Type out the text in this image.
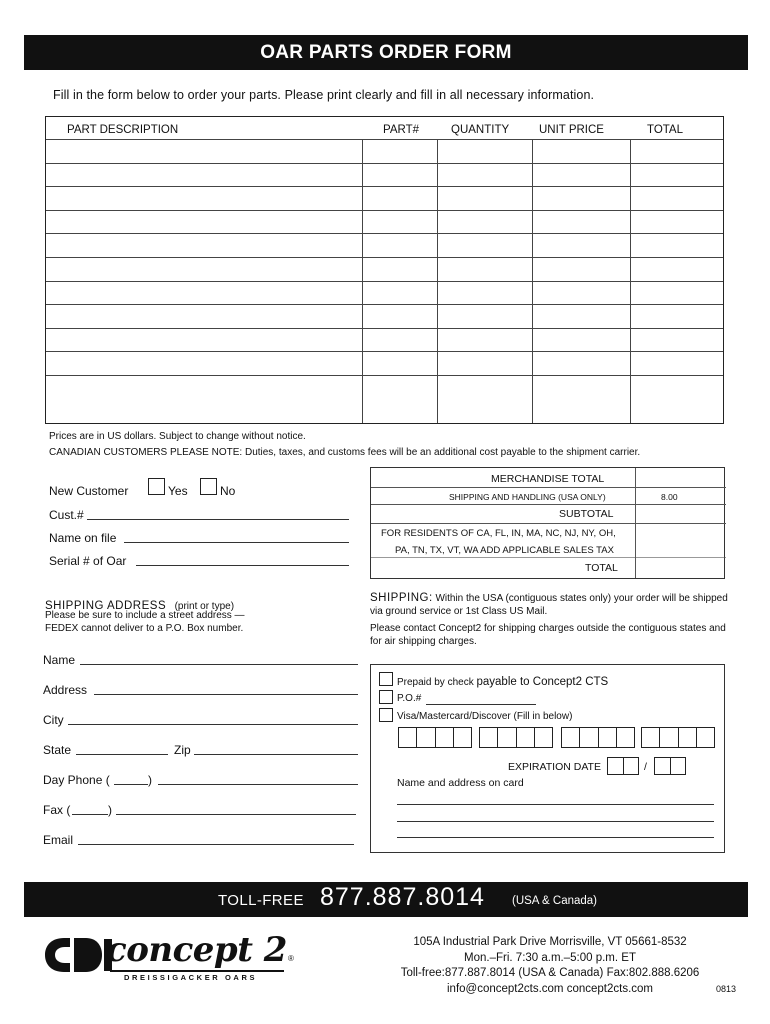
OAR PARTS ORDER FORM
Fill in the form below to order your parts. Please print clearly and fill in all necessary information.
PART DESCRIPTION	PART#	QUANTITY	UNIT PRICE	TOTAL
Prices are in US dollars. Subject to change without notice.
CANADIAN CUSTOMERS PLEASE NOTE: Duties, taxes, and customs fees will be an additional cost payable to the shipment carrier.
New Customer	Yes	No
Cust.#
Name on file
Serial # of Oar
MERCHANDISE TOTAL
SHIPPING AND HANDLING (USA ONLY)	8.00
SUBTOTAL
FOR RESIDENTS OF CA, FL, IN, MA, NC, NJ, NY, OH,
PA, TN, TX, VT, WA ADD APPLICABLE SALES TAX
TOTAL
SHIPPING ADDRESS (print or type)
Please be sure to include a street address —
FEDEX cannot deliver to a P.O. Box number.
Name
Address
City
State	Zip
Day Phone (	)
Fax (	)
Email
SHIPPING: Within the USA (contiguous states only) your order will be shipped via ground service or 1st Class US Mail.
Please contact Concept2 for shipping charges outside the contiguous states and for air shipping charges.
Prepaid by check payable to Concept2 CTS
P.O.#
Visa/Mastercard/Discover (Fill in below)
EXPIRATION DATE	/
Name and address on card
TOLL-FREE 877.887.8014 (USA & Canada)
concept 2 ®
DREISSIGACKER OARS
105A Industrial Park Drive Morrisville, VT 05661-8532
Mon.–Fri. 7:30 a.m.–5:00 p.m. ET
Toll-free:877.887.8014 (USA & Canada) Fax:802.888.6206
info@concept2cts.com concept2cts.com	0813
